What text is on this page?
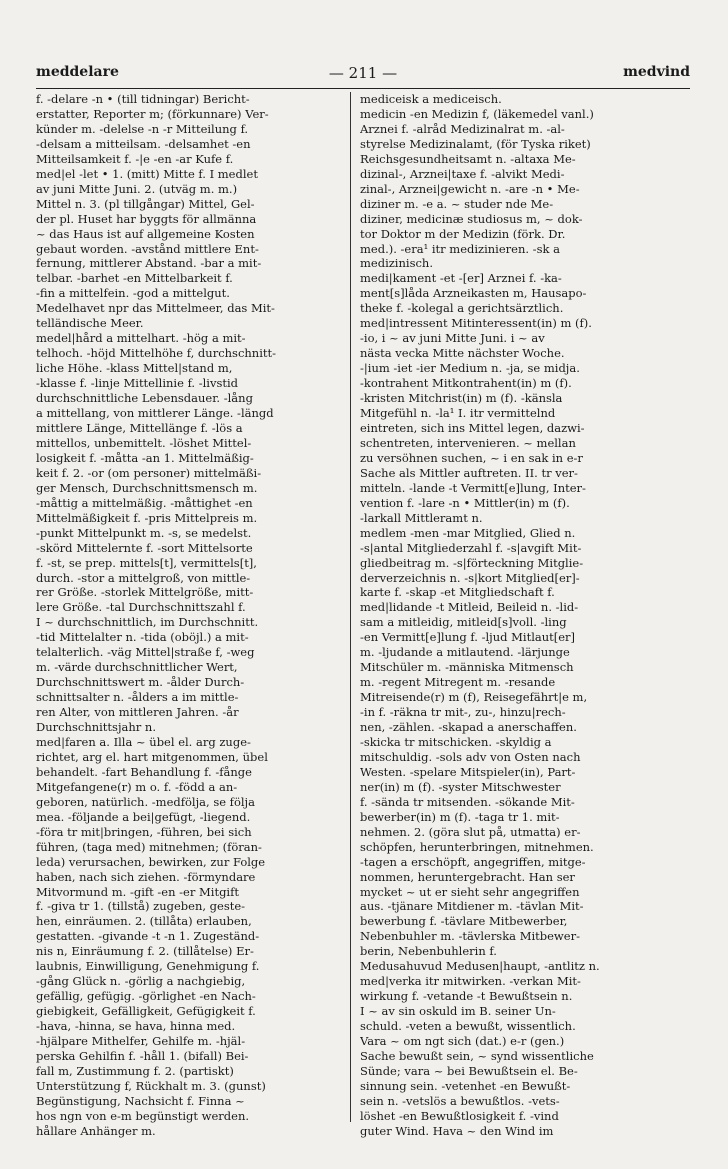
meddelare	— 211 —	medvind
f. -delare -n • (till tidningar) Bericht-
erstatter, Reporter m; (förkunnare) Ver-
künder m. -delelse -n -r Mitteilung f.
-delsam a mitteilsam. -delsamhet -en
Mitteilsamkeit f. -|e -en -ar Kufe f.
med|el -let • 1. (mitt) Mitte f. I medlet
av juni Mitte Juni. 2. (utväg m. m.)
Mittel n. 3. (pl tillgångar) Mittel, Gel-
der pl. Huset har byggts för allmänna
~ das Haus ist auf allgemeine Kosten
gebaut worden. -avstånd mittlere Ent-
fernung, mittlerer Abstand. -bar a mit-
telbar. -barhet -en Mittelbarkeit f.
-fin a mittelfein. -god a mittelgut.
Medelhavet npr das Mittelmeer, das Mit-
telländische Meer.
medel|hård a mittelhart. -hög a mit-
telhoch. -höjd Mittelhöhe f, durchschnitt-
liche Höhe. -klass Mittel|stand m,
-klasse f. -linje Mittellinie f. -livstid
durchschnittliche Lebensdauer. -lång
a mittellang, von mittlerer Länge. -längd
mittlere Länge, Mittellänge f. -lös a
mittellos, unbemittelt. -löshet Mittel-
losigkeit f. -måtta -an 1. Mittelmäßig-
keit f. 2. -or (om personer) mittelmäßi-
ger Mensch, Durchschnittsmensch m.
-måttig a mittelmäßig. -måttighet -en
Mittelmäßigkeit f. -pris Mittelpreis m.
-punkt Mittelpunkt m. -s, se medelst.
-skörd Mittelernte f. -sort Mittelsorte
f. -st, se prep. mittels[t], vermittels[t],
durch. -stor a mittelgroß, von mittle-
rer Größe. -storlek Mittelgröße, mitt-
lere Größe. -tal Durchschnittszahl f.
I ~ durchschnittlich, im Durchschnitt.
-tid Mittelalter n. -tida (oböjl.) a mit-
telalterlich. -väg Mittel|straße f, -weg
m. -värde durchschnittlicher Wert,
Durchschnittswert m. -ålder Durch-
schnittsalter n. -ålders a im mittle-
ren Alter, von mittleren Jahren. -år
Durchschnittsjahr n.
med|faren a. Illa ~ übel el. arg zuge-
richtet, arg el. hart mitgenommen, übel
behandelt. -fart Behandlung f. -fånge
Mitgefangene(r) m o. f. -född a an-
geboren, natürlich. -medfölja, se följa
mea. -följande a bei|gefügt, -liegend.
-föra tr mit|bringen, -führen, bei sich
führen, (taga med) mitnehmen; (föran-
leda) verursachen, bewirken, zur Folge
haben, nach sich ziehen. -förmyndare
Mitvormund m. -gift -en -er Mitgift
f. -giva tr 1. (tillstå) zugeben, geste-
hen, einräumen. 2. (tillåta) erlauben,
gestatten. -givande -t -n 1. Zugeständ-
nis n, Einräumung f. 2. (tillåtelse) Er-
laubnis, Einwilligung, Genehmigung f.
-gång Glück n. -görlig a nachgiebig,
gefällig, gefügig. -görlighet -en Nach-
giebigkeit, Gefälligkeit, Gefügigkeit f.
-hava, -hinna, se hava, hinna med.
-hjälpare Mithelfer, Gehilfe m. -hjäl-
perska Gehilfin f. -håll 1. (bifall) Bei-
fall m, Zustimmung f. 2. (partiskt)
Unterstützung f, Rückhalt m. 3. (gunst)
Begünstigung, Nachsicht f. Finna ~
hos ngn von e-m begünstigt werden.
hållare Anhänger m.
mediceisk a mediceisch.
medicin -en Medizin f, (läkemedel vanl.)
Arznei f. -alråd Medizinalrat m. -al-
styrelse Medizinalamt, (för Tyska riket)
Reichsgesundheitsamt n. -altaxa Me-
dizinal-, Arznei|taxe f. -alvikt Medi-
zinal-, Arznei|gewicht n. -are -n • Me-
diziner m. -e a. ~ studer nde Me-
diziner, medicinæ studiosus m, ~ dok-
tor Doktor m der Medizin (förk. Dr.
med.). -era¹ itr medizinieren. -sk a
medizinisch.
medi|kament -et -[er] Arznei f. -ka-
ment[s]låda Arzneikasten m, Hausapo-
theke f. -kolegal a gerichtsärztlich.
med|intressent Mitinteressent(in) m (f).
-io, i ~ av juni Mitte Juni. i ~ av
nästa vecka Mitte nächster Woche.
-|ium -iet -ier Medium n. -ja, se midja.
-kontrahent Mitkontrahent(in) m (f).
-kristen Mitchrist(in) m (f). -känsla
Mitgefühl n. -la¹ I. itr vermittelnd
eintreten, sich ins Mittel legen, dazwi-
schentreten, intervenieren. ~ mellan
zu versöhnen suchen, ~ i en sak in e-r
Sache als Mittler auftreten. II. tr ver-
mitteln. -lande -t Vermitt[e]lung, Inter-
vention f. -lare -n • Mittler(in) m (f).
-larkall Mittleramt n.
medlem -men -mar Mitglied, Glied n.
-s|antal Mitgliederzahl f. -s|avgift Mit-
gliedbeitrag m. -s|förteckning Mitglie-
derverzeichnis n. -s|kort Mitglied[er]-
karte f. -skap -et Mitgliedschaft f.
med|lidande -t Mitleid, Beileid n. -lid-
sam a mitleidig, mitleid[s]voll. -ling
-en Vermitt[e]lung f. -ljud Mitlaut[er]
m. -ljudande a mitlautend. -lärjunge
Mitschüler m. -människa Mitmensch
m. -regent Mitregent m. -resande
Mitreisende(r) m (f), Reisegefährt|e m,
-in f. -räkna tr mit-, zu-, hinzu|rech-
nen, -zählen. -skapad a anerschaffen.
-skicka tr mitschicken. -skyldig a
mitschuldig. -sols adv von Osten nach
Westen. -spelare Mitspieler(in), Part-
ner(in) m (f). -syster Mitschwester
f. -sända tr mitsenden. -sökande Mit-
bewerber(in) m (f). -taga tr 1. mit-
nehmen. 2. (göra slut på, utmatta) er-
schöpfen, herunterbringen, mitnehmen.
-tagen a erschöpft, angegriffen, mitge-
nommen, heruntergebracht. Han ser
mycket ~ ut er sieht sehr angegriffen
aus. -tjänare Mitdiener m. -tävlan Mit-
bewerbung f. -tävlare Mitbewerber,
Nebenbuhler m. -tävlerska Mitbewer-
berin, Nebenbuhlerin f.
Medusahuvud Medusen|haupt, -antlitz n.
med|verka itr mitwirken. -verkan Mit-
wirkung f. -vetande -t Bewußtsein n.
I ~ av sin oskuld im B. seiner Un-
schuld. -veten a bewußt, wissentlich.
Vara ~ om ngt sich (dat.) e-r (gen.)
Sache bewußt sein, ~ synd wissentliche
Sünde; vara ~ bei Bewußtsein el. Be-
sinnung sein. -vetenhet -en Bewußt-
sein n. -vetslös a bewußtlos. -vets-
löshet -en Bewußtlosigkeit f. -vind
guter Wind. Hava ~ den Wind im
